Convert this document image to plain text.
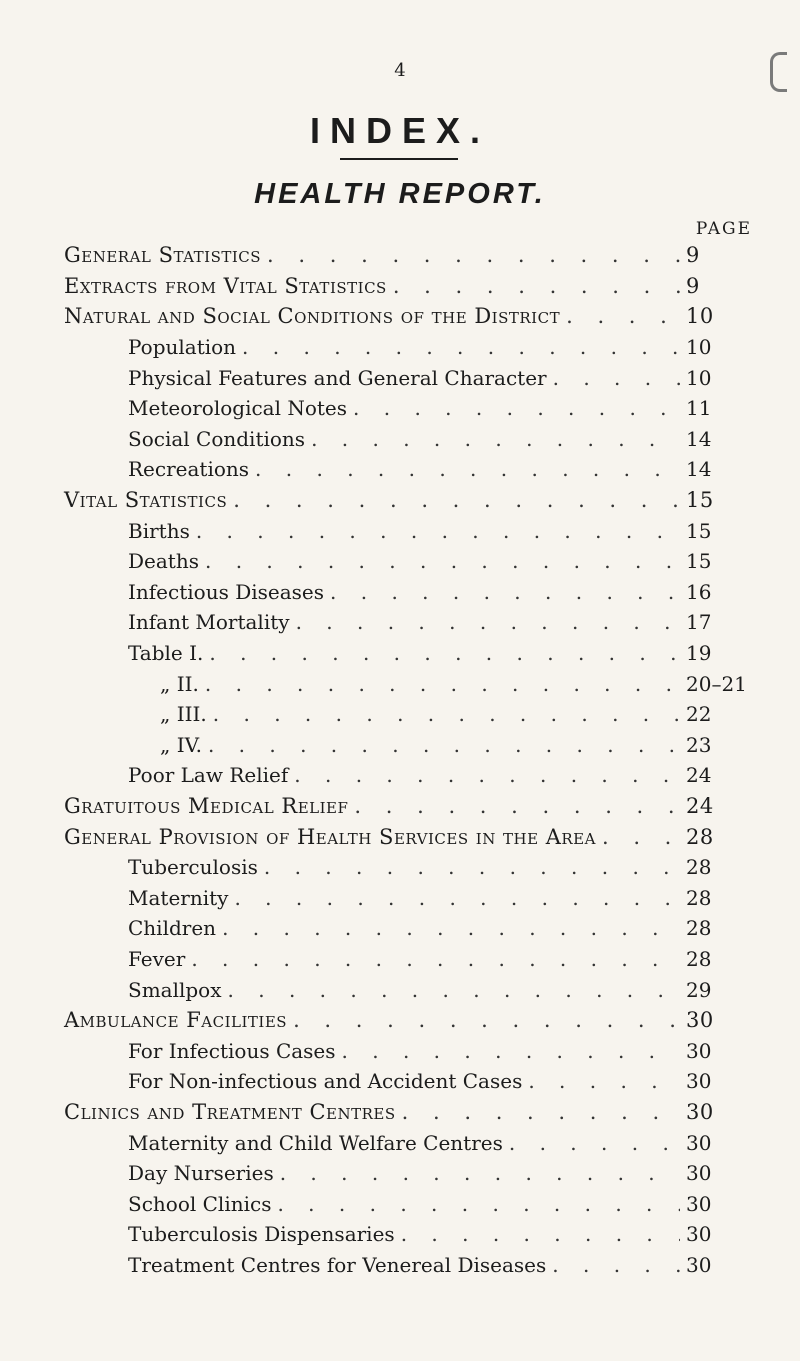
4
INDEX.
HEALTH REPORT.
PAGE
General Statistics . . .	9
Extracts from Vital Statistics . . .	9
Natural and Social Conditions of the District . . .	10
Population . . .	10
Physical Features and General Character . . .	10
Meteorological Notes . . .	11
Social Conditions . . .	14
Recreations . . .	14
Vital Statistics . . .	15
Births . . .	15
Deaths . . .	15
Infectious Diseases . . .	16
Infant Mortality . . .	17
Table I. . . .	19
„ II. . . .	20–21
„ III. . . .	22
„ IV. . . .	23
Poor Law Relief . . .	24
Gratuitous Medical Relief . . .	24
General Provision of Health Services in the Area . . .	28
Tuberculosis . . .	28
Maternity . . .	28
Children . . .	28
Fever . . .	28
Smallpox . . .	29
Ambulance Facilities . . .	30
For Infectious Cases . . .	30
For Non-infectious and Accident Cases . . .	30
Clinics and Treatment Centres . . .	30
Maternity and Child Welfare Centres . . .	30
Day Nurseries . . .	30
School Clinics . . .	30
Tuberculosis Dispensaries . . .	30
Treatment Centres for Venereal Diseases . . .	30
